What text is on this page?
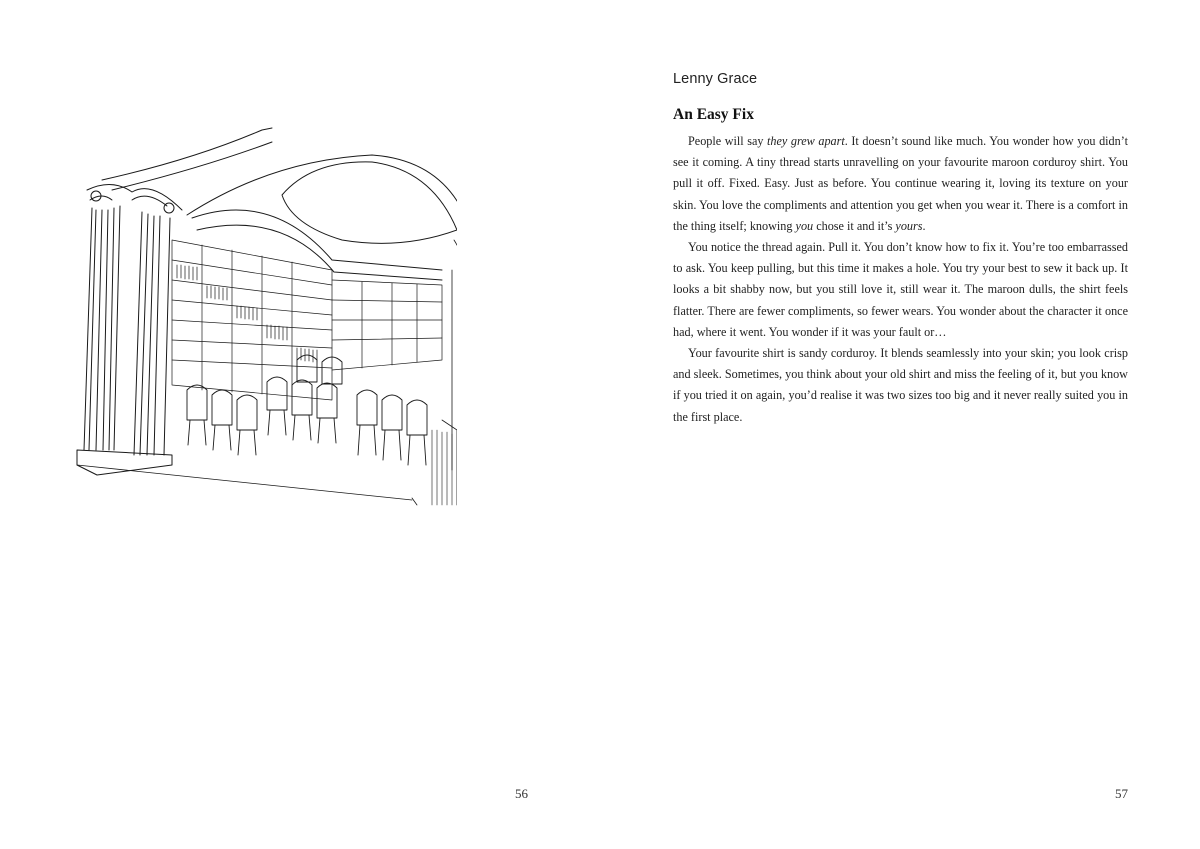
56
Lenny Grace
An Easy Fix

People will say they grew apart. It doesn’t sound like much. You wonder how you didn’t see it coming. A tiny thread starts unravelling on your favourite maroon corduroy shirt. You pull it off. Fixed. Easy. Just as before. You continue wearing it, loving its texture on your skin. You love the compliments and attention you get when you wear it. There is a comfort in the thing itself; knowing you chose it and it’s yours.

You notice the thread again. Pull it. You don’t know how to fix it. You’re too embarrassed to ask. You keep pulling, but this time it makes a hole. You try your best to sew it back up. It looks a bit shabby now, but you still love it, still wear it. The maroon dulls, the shirt feels flatter. There are fewer compliments, so fewer wears. You wonder about the character it once had, where it went. You wonder if it was your fault or…

Your favourite shirt is sandy corduroy. It blends seamlessly into your skin; you look crisp and sleek. Sometimes, you think about your old shirt and miss the feeling of it, but you know if you tried it on again, you’d realise it was two sizes too big and it never really suited you in the first place.

57
